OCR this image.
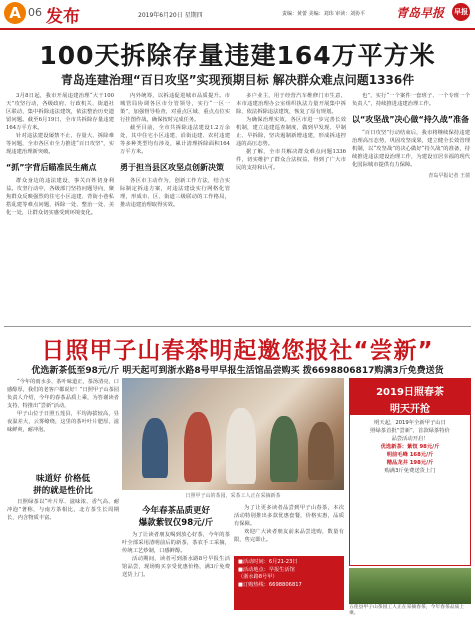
A 06 发布	2019年6月20日 星期四	责编：黄蕾 美编：刘玮 审读：刘协平	青岛早报	早报
100天拆除存量违建164万平方米
青岛连建治理“百日攻坚”实现预期目标 解决群众难点问题1336件

3月8日起，我市开展违建治理“大干100天”攻坚行动，各级政府、行政机关、街道社区联动，集中拆除违法建筑，依法整治历史遗留问题。截至6月19日，全市共拆除存量违建164万平方米。

针对违法建设屡禁不止、存量大、拆除难等问题，全市各区市全力推进“百日攻坚”，实现违建治理新突破。

“抓”字背后瞄准民生痛点

群众身边的违法建设，事关百姓切身利益。攻坚行动中，各级部门坚持问题导向，聚焦群众反映强烈的住宅小区违建、背街小巷私搭乱建等难点问题，拆除一处、整治一处、美化一处，让群众切实感受到环境变化。

内外统筹，以拆违促进城市品质提升。市城管局协调各区市分管领导，实行“一区一策”，加强督导检查，对重点区域、重点点位实行挂图作战，确保按时完成任务。

截至目前，全市共拆除违法建设1.2万余处，其中住宅小区违建、沿街违建、农村违建等多种类型均有涉及，累计清理拆除面积164万平方米。

勇于担当县区攻坚点创新决策

各区市主动作为，创新工作方法，结合实际制定拆违方案，对违法建设实行网格化管理，形成市、区、街道三级联动的工作格局，推动违建治理取得实效。

多户业主，用于经营汽车维修门市生意，本市违建治理办公室组织执法力量开展集中拆除，依法拆除违法建筑，恢复了原有规划。

为确保治理实效，各区市进一步完善长效机制，建立违建巡查制度，做到早发现、早制止、早拆除，坚决遏制新增违建，形成拆违控违的高压态势。

据了解，全市共解决群众难点问题1336件，切实维护了群众合法权益，得到了广大市民的支持和认可。

也”，实行“一个案件一套班子、一个专班一个负责人”，持续推进违建治理工作。

以“攻坚战”决心做“持久战”准备

“百日攻坚”行动结束后，我市将继续保持违建治理高压态势，巩固攻坚成果，建立健全长效管理机制，以“攻坚战”的决心做好“持久战”的准备，持续推进违法建设治理工作，为建设宜居幸福的现代化国际城市提供有力保障。

青岛早报记者 王倩
日照甲子山春茶明起邀您报社“尝新”
优选新茶低至98元/斤 明天起可到浙水路8号甲早报生活馆品尝购买 拨6698806817购满3斤免费送货

“今年的雨水多，茶叶味道正，茶汤清亮，口感醇厚，我们的老客户都说好！”日照甲子山茶园负责人介绍，今年的春茶品质上乘，为答谢读者支持，特推出“尝新”活动。

甲子山位于日照五莲县，平均海拔较高，昼夜温差大，云雾缭绕，这里的茶叶叶片肥厚，滋味鲜爽，耐冲泡。

味道好 价格低
拼的就是性价比

日照绿茶以“叶片厚、滋味浓、香气高、耐冲泡”著称，与南方茶相比，北方茶生长周期长，内含物质丰富。

日照甲子山的茶园，采茶工人正在采摘新茶
今年春茶品质更好
爆款紫钗仅98元/斤

为了让读者朋友喝到放心好茶，今年的茶叶全部采用清明前后的新茶，茶农手工采摘，传统工艺炒制，口感鲜醇。

活动期间，读者可到浙水路8号早报生活馆品尝，现场购买享受优惠价格，满3斤免费送货上门。

为了让更多读者品尝到甲子山春茶，本次活动特别推出多款优惠套餐，价格实惠，品质有保障。

欢迎广大读者朋友前来品尝选购，数量有限，售完即止。

■活动时间：6月21-23日
■活动地点：早报生活馆
（浙水路8号甲）
■订购热线：6698806817
2019日照春茶
明天开抢
明天起，2019年全新甲子山日
照绿茶首批“尝新”，首款绿茶特价
品尝活动开启！
优选新茶：紫钗 98元/斤
明前毛峰 168元/斤
精品龙井 198元/斤
购满3斤免费送货上门
五莲县甲子山茶园工人正在采摘春茶，今年春茶品质上乘。
